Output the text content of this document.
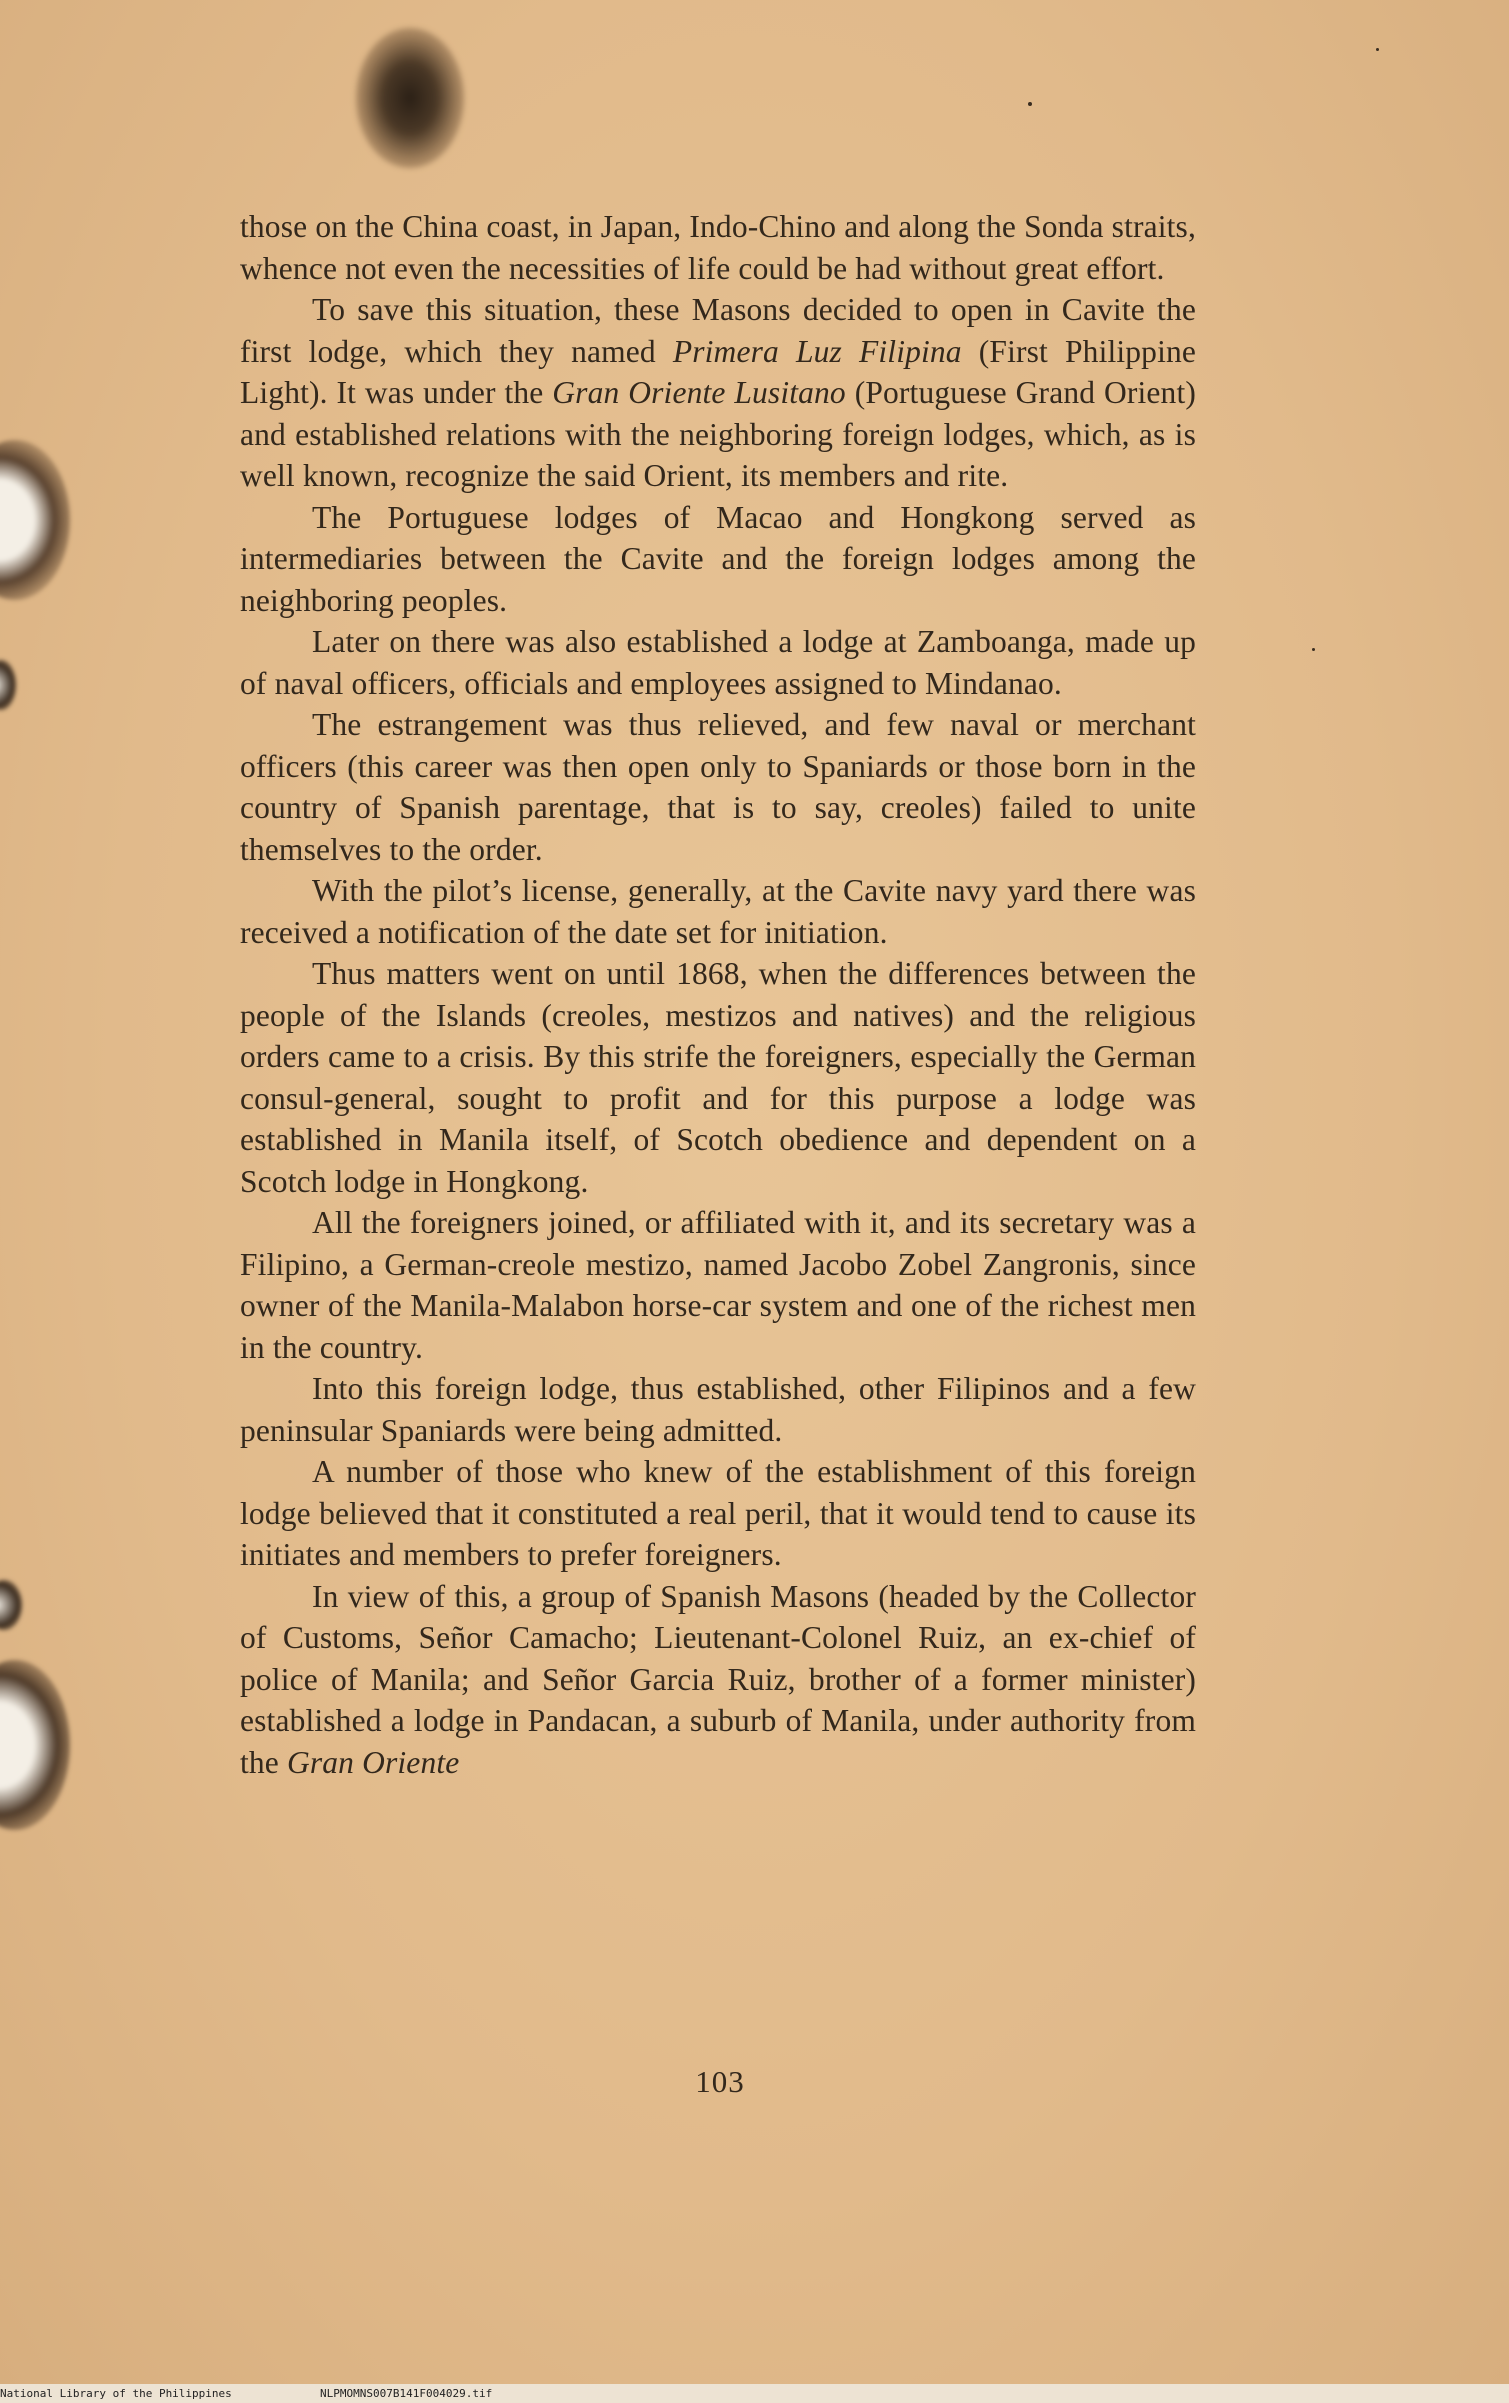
those on the China coast, in Japan, Indo-Chino and along the Sonda straits, whence not even the necessities of life could be had without great effort.

To save this situation, these Masons decided to open in Cavite the first lodge, which they named Primera Luz Filipina (First Philippine Light). It was under the Gran Oriente Lusitano (Portuguese Grand Orient) and established relations with the neighboring foreign lodges, which, as is well known, recognize the said Orient, its members and rite.

The Portuguese lodges of Macao and Hongkong served as intermediaries between the Cavite and the foreign lodges among the neighboring peoples.

Later on there was also established a lodge at Zamboanga, made up of naval officers, officials and employees assigned to Mindanao.

The estrangement was thus relieved, and few naval or merchant officers (this career was then open only to Spaniards or those born in the country of Spanish parentage, that is to say, creoles) failed to unite themselves to the order.

With the pilot’s license, generally, at the Cavite navy yard there was received a notification of the date set for initiation.

Thus matters went on until 1868, when the differences between the people of the Islands (creoles, mestizos and natives) and the religious orders came to a crisis. By this strife the foreigners, especially the German consul-general, sought to profit and for this purpose a lodge was established in Manila itself, of Scotch obedience and dependent on a Scotch lodge in Hongkong.

All the foreigners joined, or affiliated with it, and its secretary was a Filipino, a German-creole mestizo, named Jacobo Zobel Zangronis, since owner of the Manila-Malabon horse-car system and one of the richest men in the country.

Into this foreign lodge, thus established, other Filipinos and a few peninsular Spaniards were being admitted.

A number of those who knew of the establishment of this foreign lodge believed that it constituted a real peril, that it would tend to cause its initiates and members to prefer foreigners.

In view of this, a group of Spanish Masons (headed by the Collector of Customs, Señor Camacho; Lieutenant-Colonel Ruiz, an ex-chief of police of Manila; and Señor Garcia Ruiz, brother of a former minister) established a lodge in Pandacan, a suburb of Manila, under authority from the Gran Oriente

103
National Library of the Philippines	NLPMOMNS007B141F004029.tif
